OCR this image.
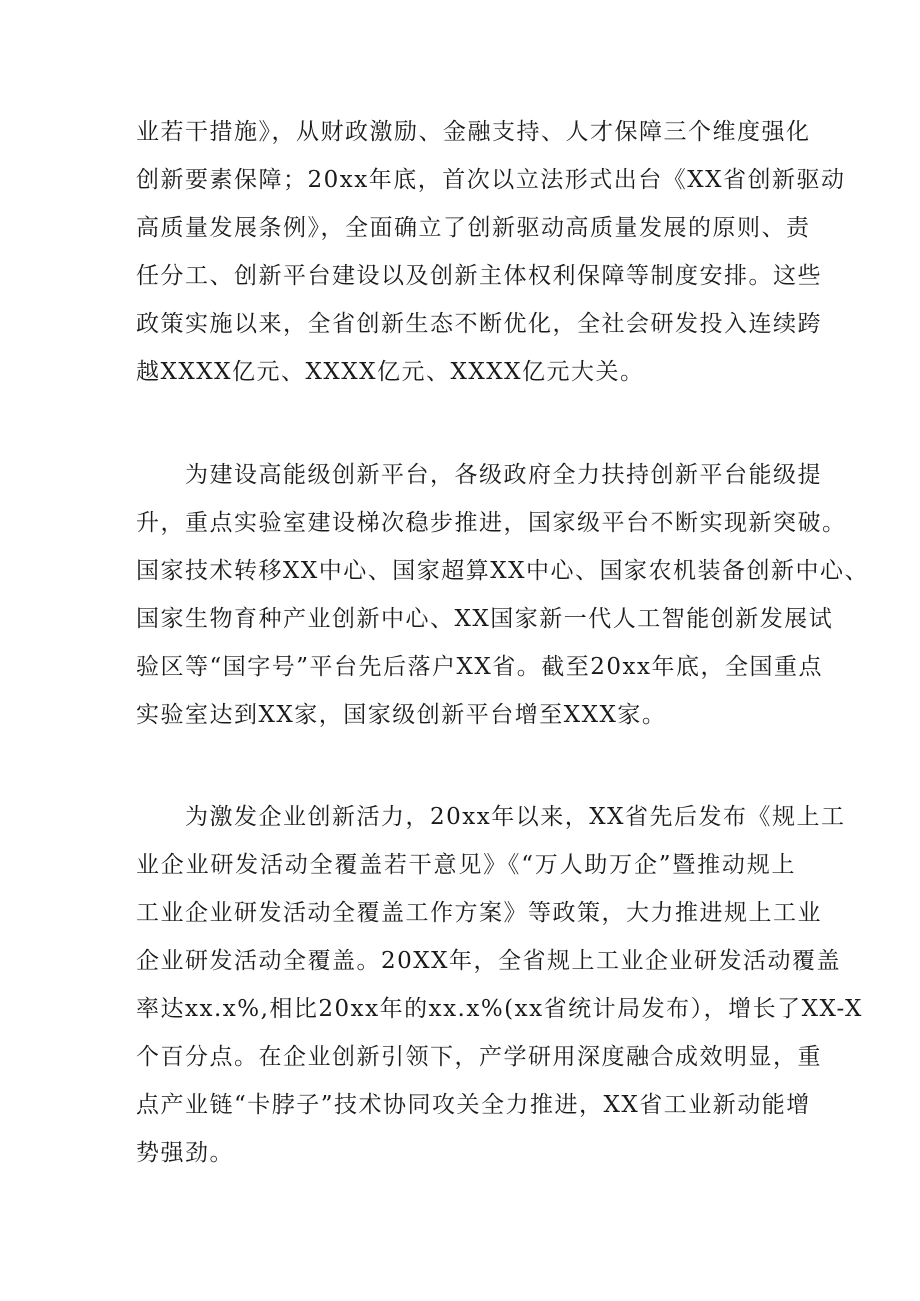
业若干措施》，从财政激励、金融支持、人才保障三个维度强化
创新要素保障；20xx年底，首次以立法形式出台《XX省创新驱动
高质量发展条例》，全面确立了创新驱动高质量发展的原则、责
任分工、创新平台建设以及创新主体权利保障等制度安排。这些
政策实施以来，全省创新生态不断优化，全社会研发投入连续跨
越XXXX亿元、XXXX亿元、XXXX亿元大关。
　　为建设高能级创新平台，各级政府全力扶持创新平台能级提
升，重点实验室建设梯次稳步推进，国家级平台不断实现新突破。
国家技术转移XX中心、国家超算XX中心、国家农机装备创新中心、
国家生物育种产业创新中心、XX国家新一代人工智能创新发展试
验区等“国字号”平台先后落户XX省。截至20xx年底，全国重点
实验室达到XX家，国家级创新平台增至XXX家。
　　为激发企业创新活力，20xx年以来，XX省先后发布《规上工
业企业研发活动全覆盖若干意见》《“万人助万企”暨推动规上
工业企业研发活动全覆盖工作方案》等政策，大力推进规上工业
企业研发活动全覆盖。20XX年，全省规上工业企业研发活动覆盖
率达xx.x%,相比20xx年的xx.x%(xx省统计局发布），增长了XX-X
个百分点。在企业创新引领下，产学研用深度融合成效明显，重
点产业链“卡脖子”技术协同攻关全力推进，XX省工业新动能增
势强劲。
